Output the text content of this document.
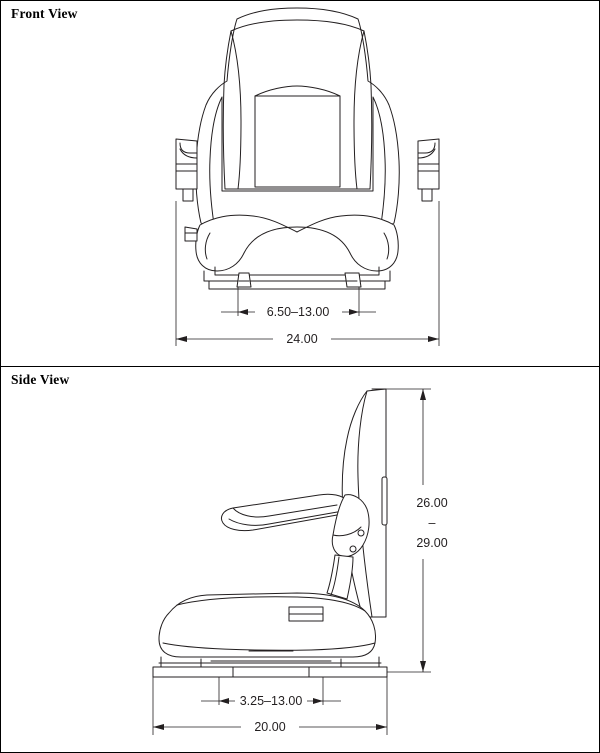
Front View
6.50–13.00
24.00
Side View
26.00
–
29.00
3.25–13.00
20.00
